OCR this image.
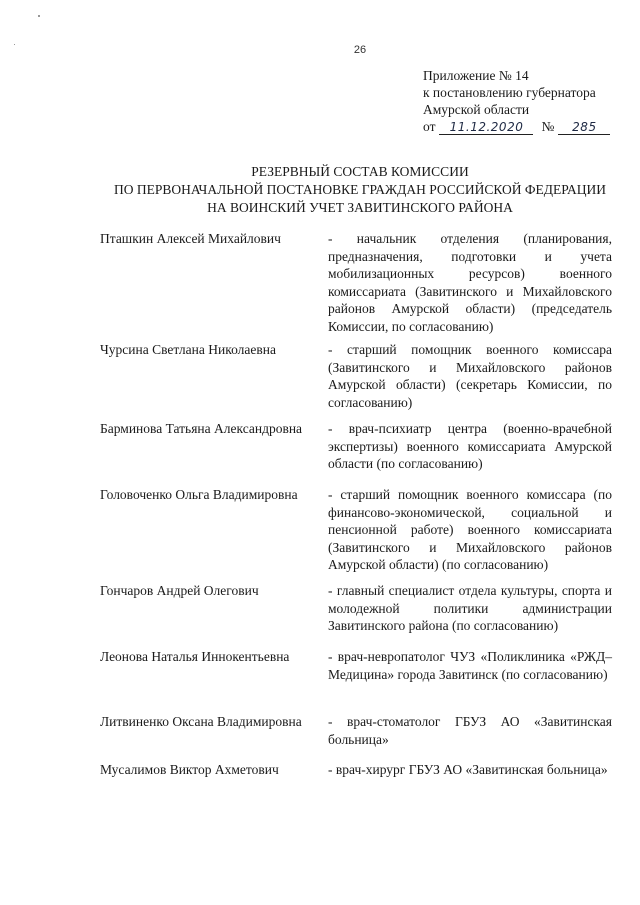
26
Приложение № 14
к постановлению губернатора
Амурской области
от	11.12.2020	№	285
РЕЗЕРВНЫЙ СОСТАВ КОМИССИИ
ПО ПЕРВОНАЧАЛЬНОЙ ПОСТАНОВКЕ ГРАЖДАН РОССИЙСКОЙ ФЕДЕРАЦИИ
НА ВОИНСКИЙ УЧЕТ ЗАВИТИНСКОГО РАЙОНА
Пташкин Алексей Михайлович	- начальник отделения (планирования, предназначения, подготовки и учета мобилизационных ресурсов) военного комиссариата (Завитинского и Михайловского районов Амурской области) (председатель Комиссии, по согласованию)
Чурсина Светлана Николаевна	- старший помощник военного комиссара (Завитинского и Михайловского районов Амурской области) (секретарь Комиссии, по согласованию)
Барминова Татьяна Александровна	- врач-психиатр центра (военно-врачебной экспертизы) военного комиссариата Амурской области (по согласованию)
Головоченко Ольга Владимировна	- старший помощник военного комиссара (по финансово-экономической, социальной и пенсионной работе) военного комиссариата (Завитинского и Михайловского районов Амурской области) (по согласованию)
Гончаров Андрей Олегович	- главный специалист отдела культуры, спорта и молодежной политики администрации Завитинского района (по согласованию)
Леонова Наталья Иннокентьевна	- врач-невропатолог ЧУЗ «Поликлиника «РЖД–Медицина» города Завитинск (по согласованию)
Литвиненко Оксана Владимировна	- врач-стоматолог ГБУЗ АО «Завитинская больница»
Мусалимов Виктор Ахметович	- врач-хирург ГБУЗ АО «Завитинская больница»
